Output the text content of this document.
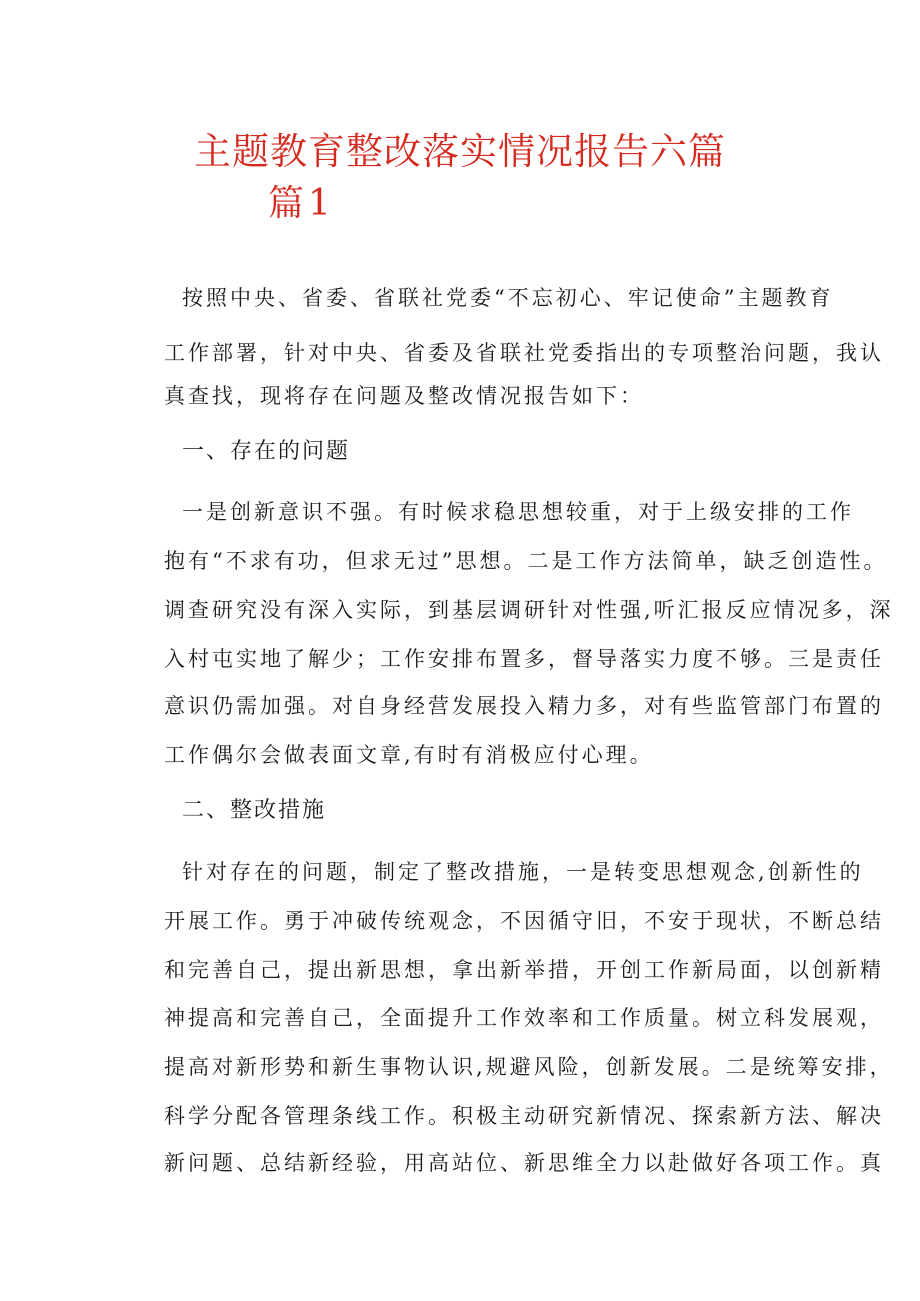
主题教育整改落实情况报告六篇
篇1

按照中央、省委、省联社党委“不忘初心、牢记使命”主题教育

工作部署，针对中央、省委及省联社党委指出的专项整治问题，我认

真查找，现将存在问题及整改情况报告如下：

一、存在的问题

一是创新意识不强。有时候求稳思想较重，对于上级安排的工作

抱有“不求有功，但求无过”思想。二是工作方法简单，缺乏创造性。

调查研究没有深入实际，到基层调研针对性强,听汇报反应情况多，深

入村屯实地了解少；工作安排布置多，督导落实力度不够。三是责任

意识仍需加强。对自身经营发展投入精力多，对有些监管部门布置的

工作偶尔会做表面文章,有时有消极应付心理。

二、整改措施

针对存在的问题，制定了整改措施，一是转变思想观念,创新性的

开展工作。勇于冲破传统观念，不因循守旧，不安于现状，不断总结

和完善自己，提出新思想，拿出新举措，开创工作新局面，以创新精

神提高和完善自己，全面提升工作效率和工作质量。树立科发展观，

提高对新形势和新生事物认识,规避风险，创新发展。二是统筹安排，

科学分配各管理条线工作。积极主动研究新情况、探索新方法、解决

新问题、总结新经验，用高站位、新思维全力以赴做好各项工作。真
